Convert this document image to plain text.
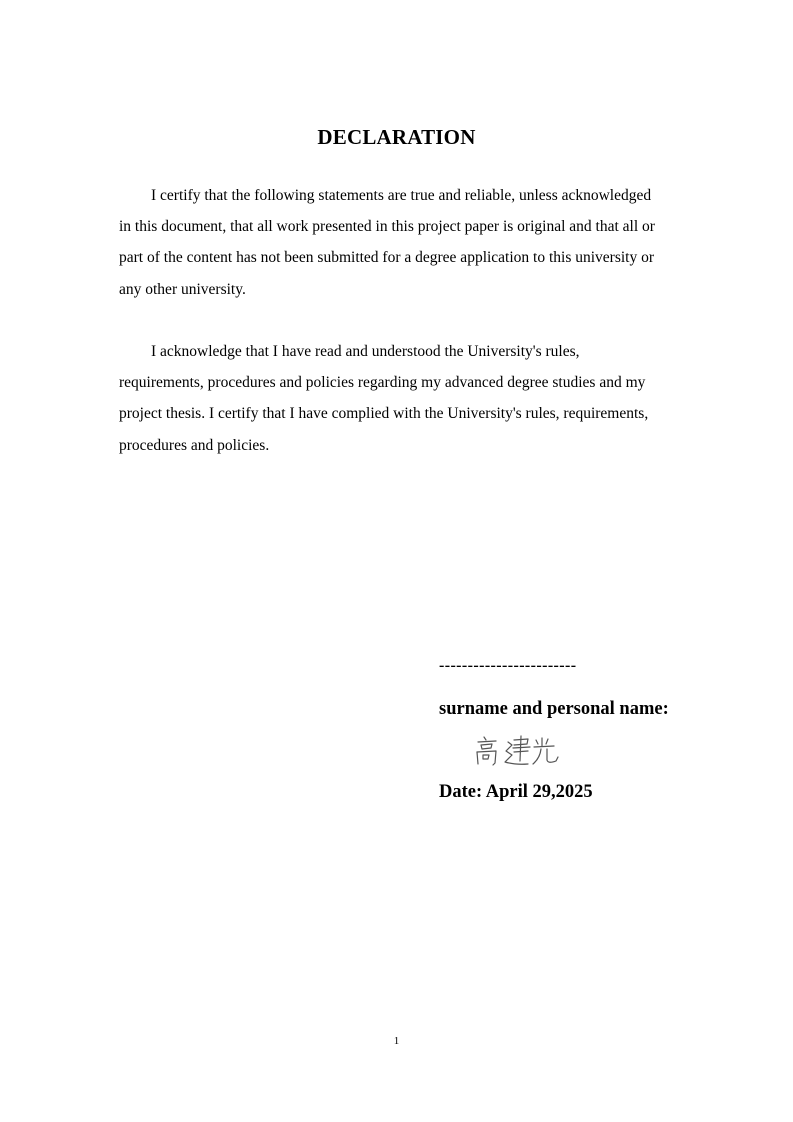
DECLARATION
I certify that the following statements are true and reliable, unless acknowledged
in this document, that all work presented in this project paper is original and that all or
part of the content has not been submitted for a degree application to this university or
any other university.
I acknowledge that I have read and understood the University's rules,
requirements, procedures and policies regarding my advanced degree studies and my
project thesis. I certify that I have complied with the University's rules, requirements,
procedures and policies.
------------------------
surname and personal name:
Date: April 29,2025
1
